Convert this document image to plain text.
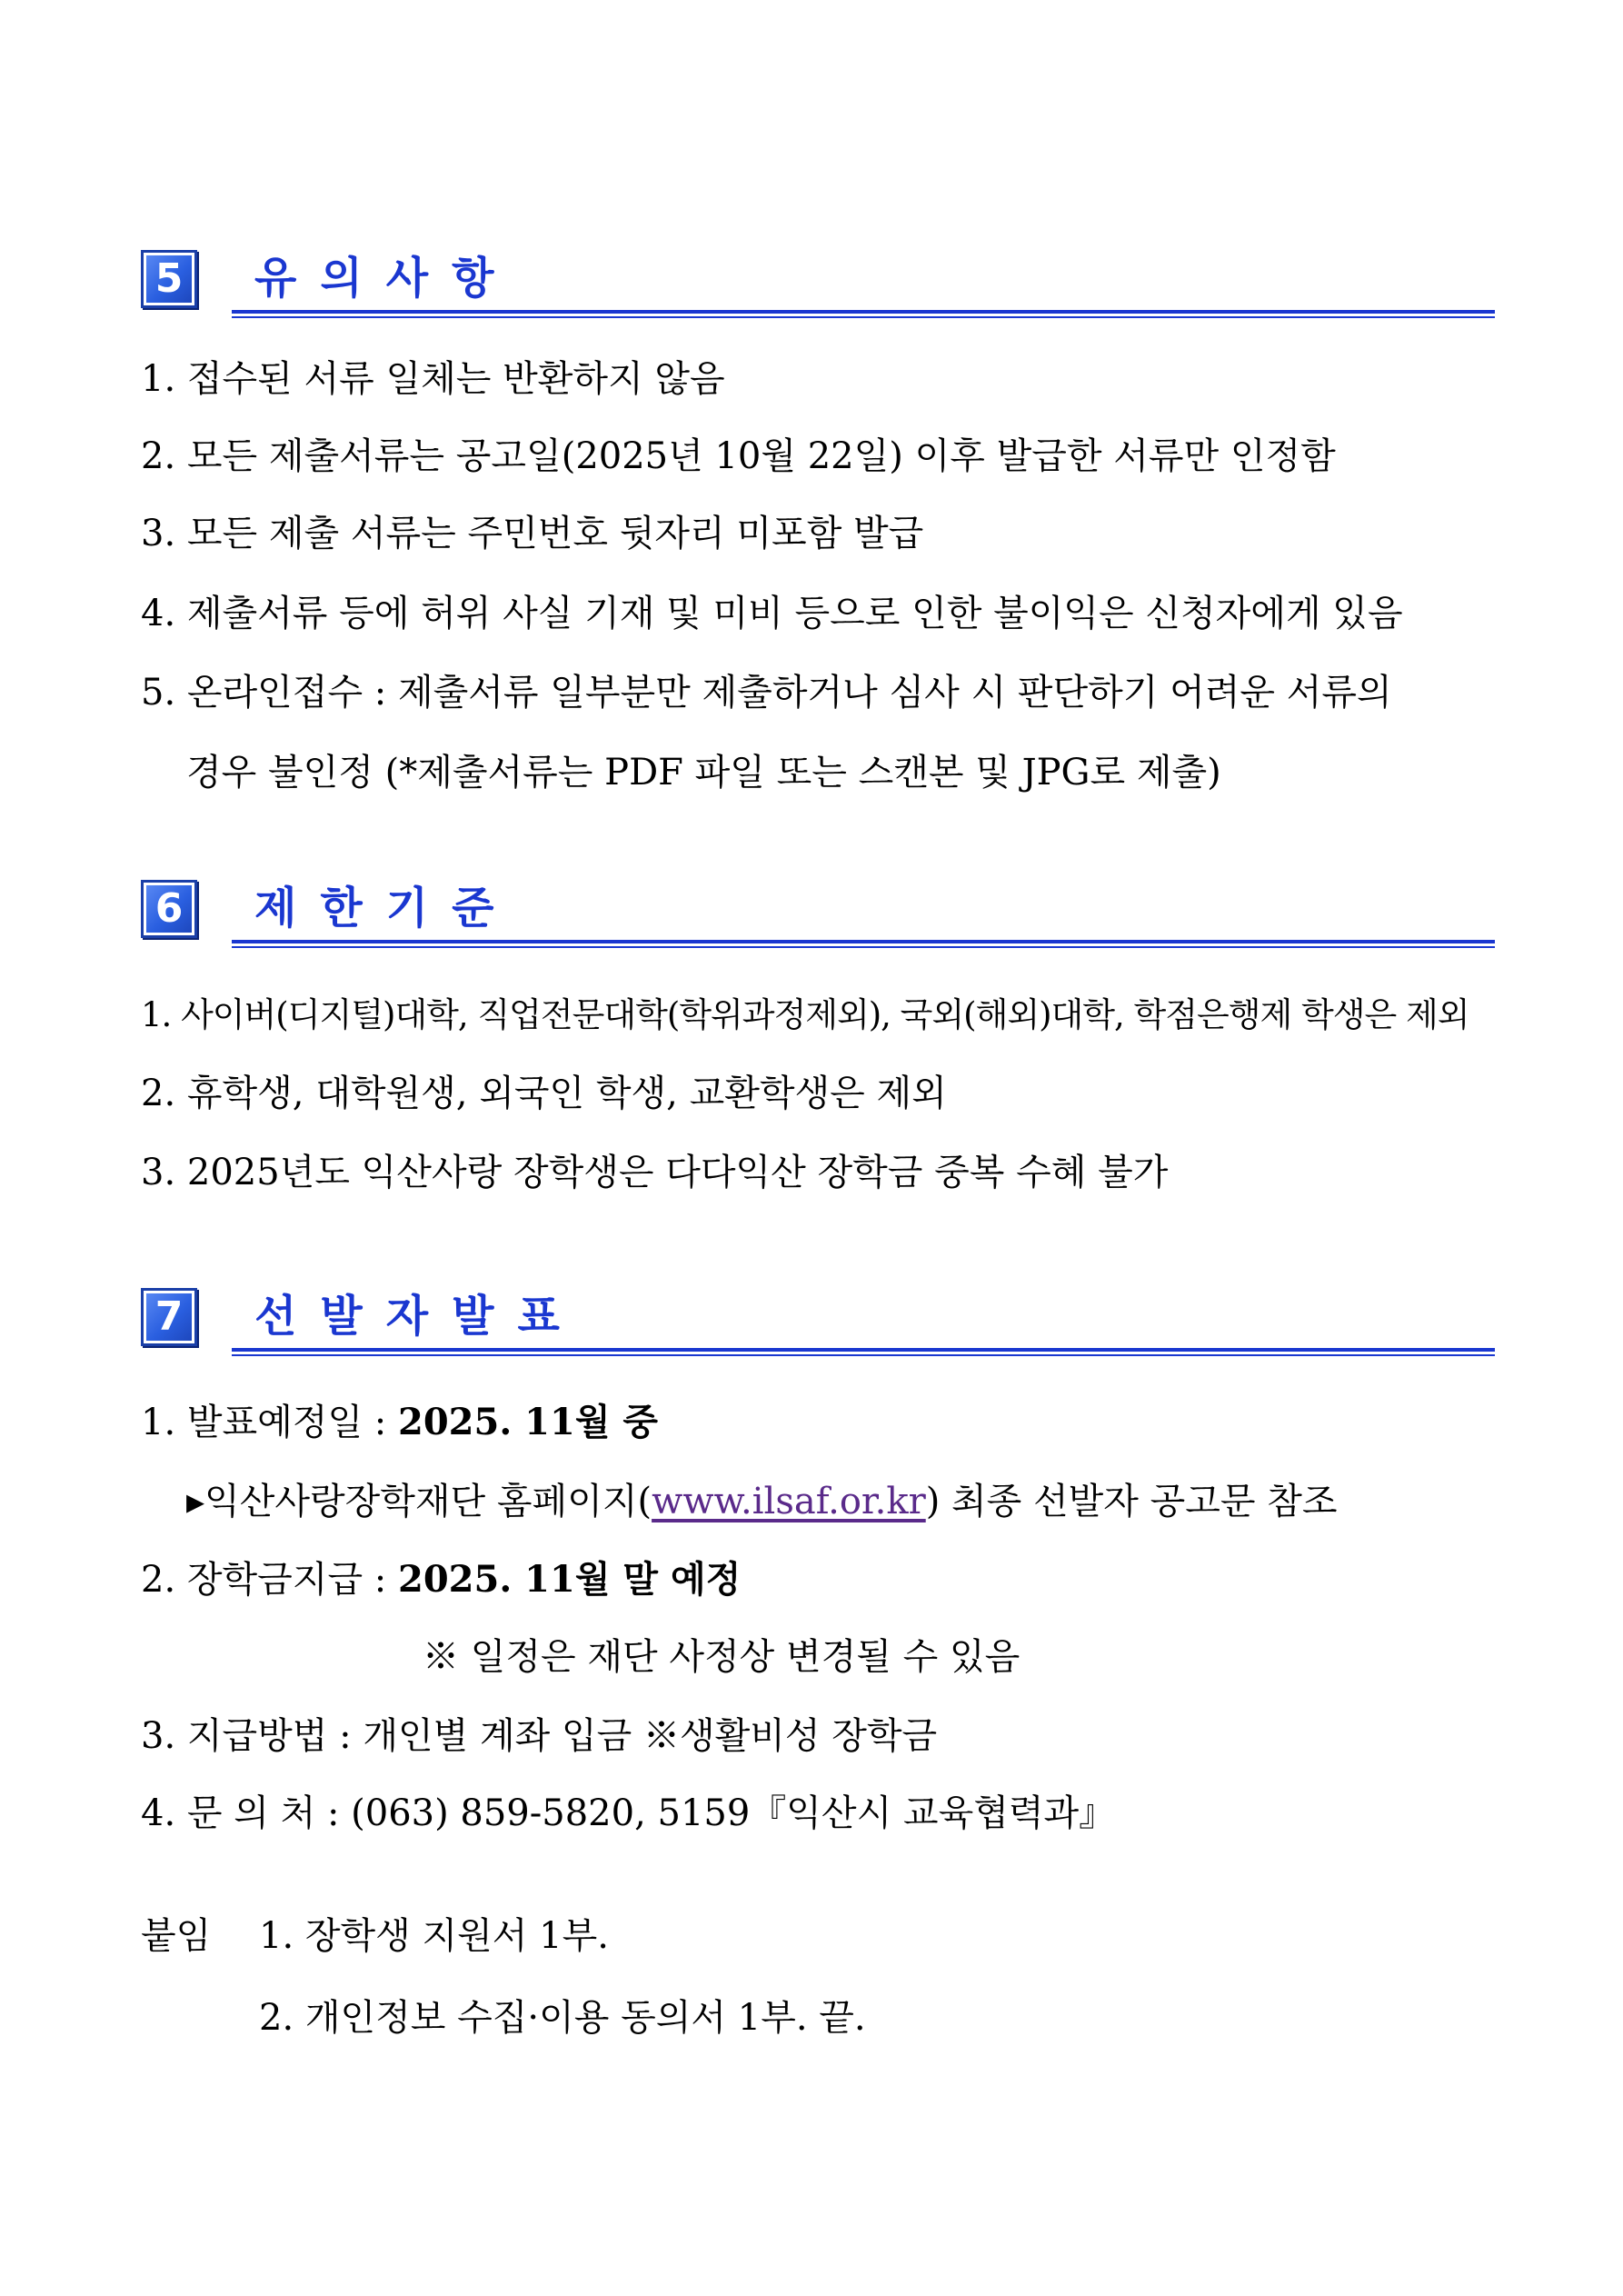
5	유의사항
1. 접수된 서류 일체는 반환하지 않음
2. 모든 제출서류는 공고일(2025년 10월 22일) 이후 발급한 서류만 인정함
3. 모든 제출 서류는 주민번호 뒷자리 미포함 발급
4. 제출서류 등에 허위 사실 기재 및 미비 등으로 인한 불이익은 신청자에게 있음
5. 온라인접수 : 제출서류 일부분만 제출하거나 심사 시 판단하기 어려운 서류의
경우 불인정 (*제출서류는 PDF 파일 또는 스캔본 및 JPG로 제출)
6	제한기준
1. 사이버(디지털)대학, 직업전문대학(학위과정제외), 국외(해외)대학, 학점은행제 학생은 제외
2. 휴학생, 대학원생, 외국인 학생, 교환학생은 제외
3. 2025년도 익산사랑 장학생은 다다익산 장학금 중복 수혜 불가
7	선발자발표
1. 발표예정일 : 2025. 11월 중
▸익산사랑장학재단 홈페이지(www.ilsaf.or.kr) 최종 선발자 공고문 참조
2. 장학금지급 : 2025. 11월 말 예정
※ 일정은 재단 사정상 변경될 수 있음
3. 지급방법 : 개인별 계좌 입금 ※생활비성 장학금
4. 문 의 처 : (063) 859-5820, 5159『익산시 교육협력과』
붙임 1. 장학생 지원서 1부.
2. 개인정보 수집·이용 동의서 1부. 끝.
